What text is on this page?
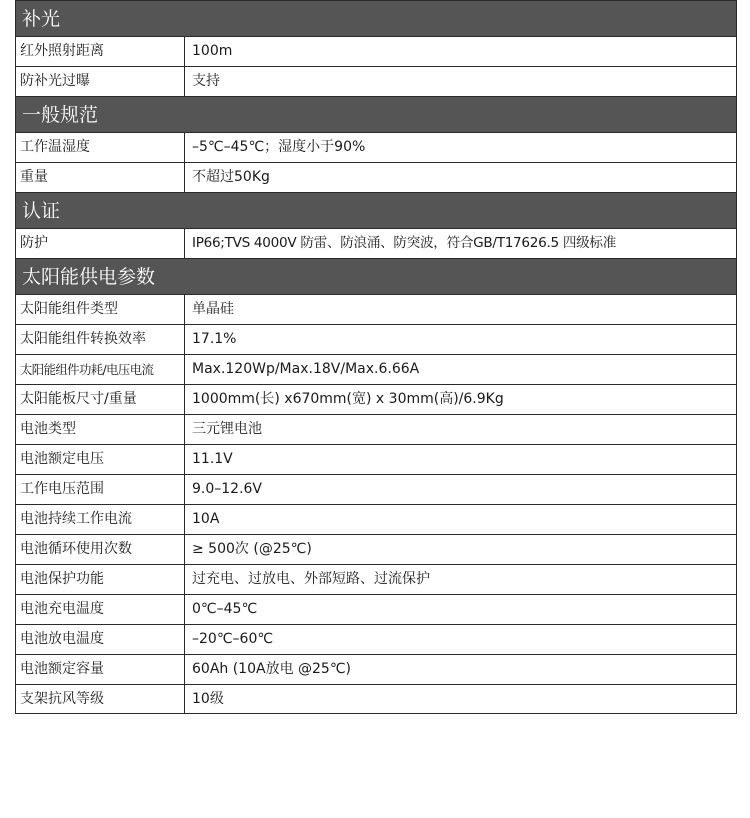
补光
红外照射距离	100m
防补光过曝	支持
一般规范
工作温湿度	–5℃–45℃；湿度小于90%
重量	不超过50Kg
认证
防护	IP66;TVS 4000V 防雷、防浪涌、防突波，符合GB/T17626.5 四级标准
太阳能供电参数
太阳能组件类型	单晶硅
太阳能组件转换效率	17.1%
太阳能组件功耗/电压电流	Max.120Wp/Max.18V/Max.6.66A
太阳能板尺寸/重量	1000mm(长) x670mm(宽) x 30mm(高)/6.9Kg
电池类型	三元锂电池
电池额定电压	11.1V
工作电压范围	9.0–12.6V
电池持续工作电流	10A
电池循环使用次数	≥ 500次 (@25℃)
电池保护功能	过充电、过放电、外部短路、过流保护
电池充电温度	0℃–45℃
电池放电温度	–20℃–60℃
电池额定容量	60Ah (10A放电 @25℃)
支架抗风等级	10级
